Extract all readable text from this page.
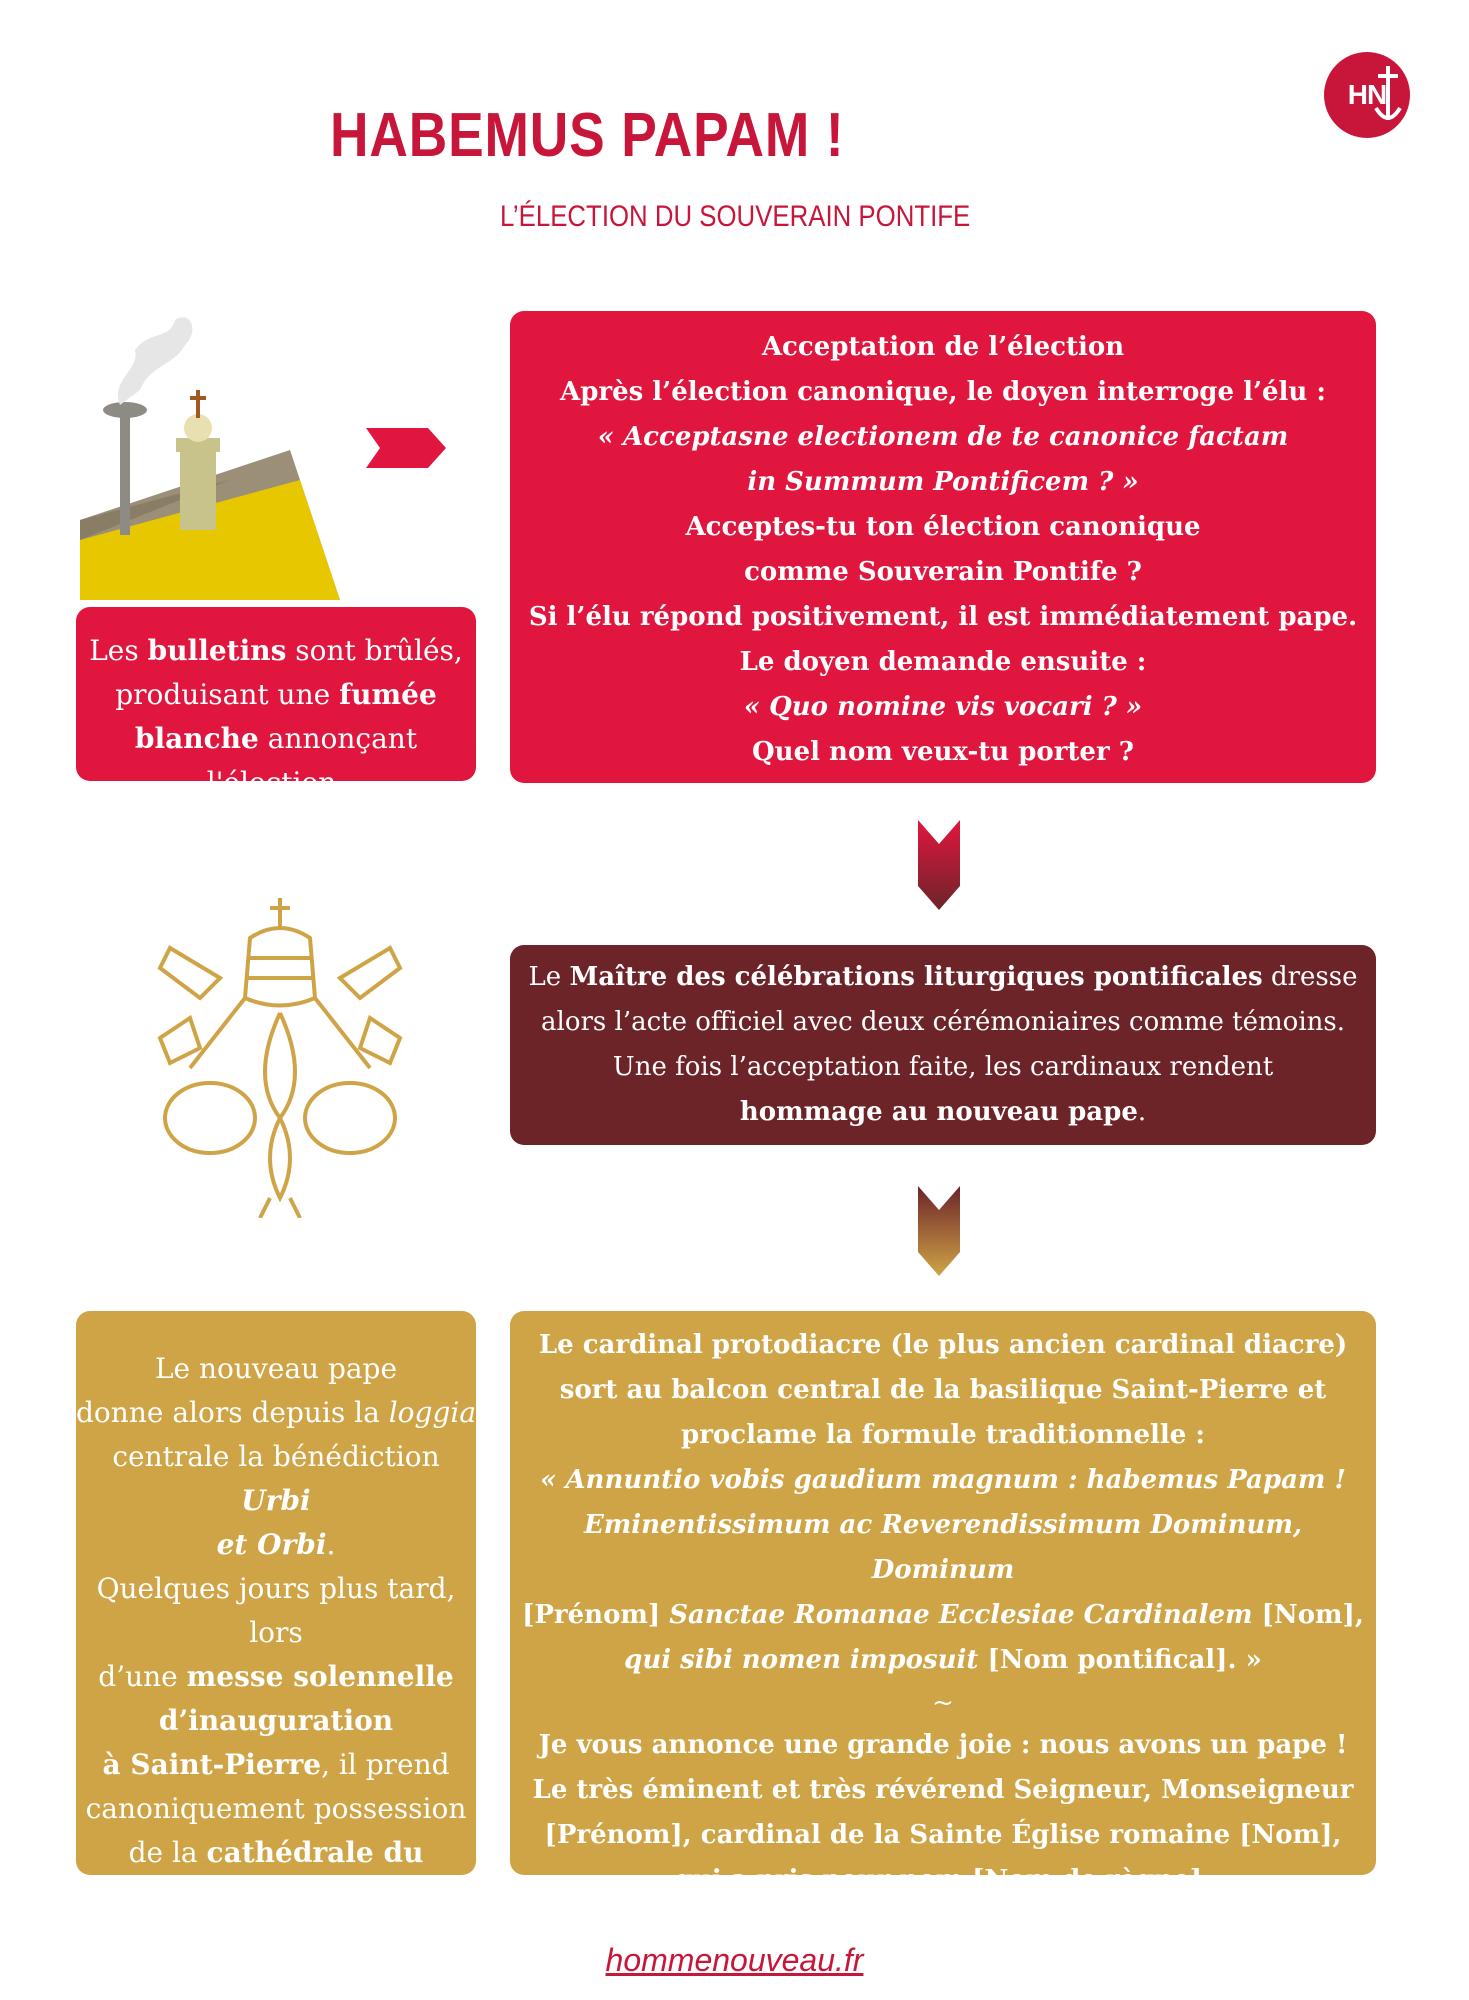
HABEMUS PAPAM !
L’ÉLECTION DU SOUVERAIN PONTIFE
HN
Les bulletins sont brûlés,
produisant une fumée
blanche annonçant l'élection.
Acceptation de l’élection
Après l’élection canonique, le doyen interroge l’élu :
« Acceptasne electionem de te canonice factam
in Summum Pontificem ? »
Acceptes-tu ton élection canonique
comme Souverain Pontife ?
Si l’élu répond positivement, il est immédiatement pape.
Le doyen demande ensuite :
« Quo nomine vis vocari ? »
Quel nom veux-tu porter ?
Le Maître des célébrations liturgiques pontificales dresse
alors l’acte officiel avec deux cérémoniaires comme témoins.
Une fois l’acceptation faite, les cardinaux rendent
hommage au nouveau pape.
Le nouveau pape
donne alors depuis la loggia
centrale la bénédiction Urbi
et Orbi.
Quelques jours plus tard, lors
d’une messe solennelle
d’inauguration
à Saint-Pierre, il prend
canoniquement possession
de la cathédrale du Latran,
siège de l’évêque de Rome.
Le cardinal protodiacre (le plus ancien cardinal diacre)
sort au balcon central de la basilique Saint-Pierre et
proclame la formule traditionnelle :
« Annuntio vobis gaudium magnum : habemus Papam !
Eminentissimum ac Reverendissimum Dominum, Dominum
[Prénom] Sanctae Romanae Ecclesiae Cardinalem [Nom],
qui sibi nomen imposuit [Nom pontifical]. »
~
Je vous annonce une grande joie : nous avons un pape !
Le très éminent et très révérend Seigneur, Monseigneur
[Prénom], cardinal de la Sainte Église romaine [Nom],
qui a pris pour nom [Nom de règne].
hommenouveau.fr
